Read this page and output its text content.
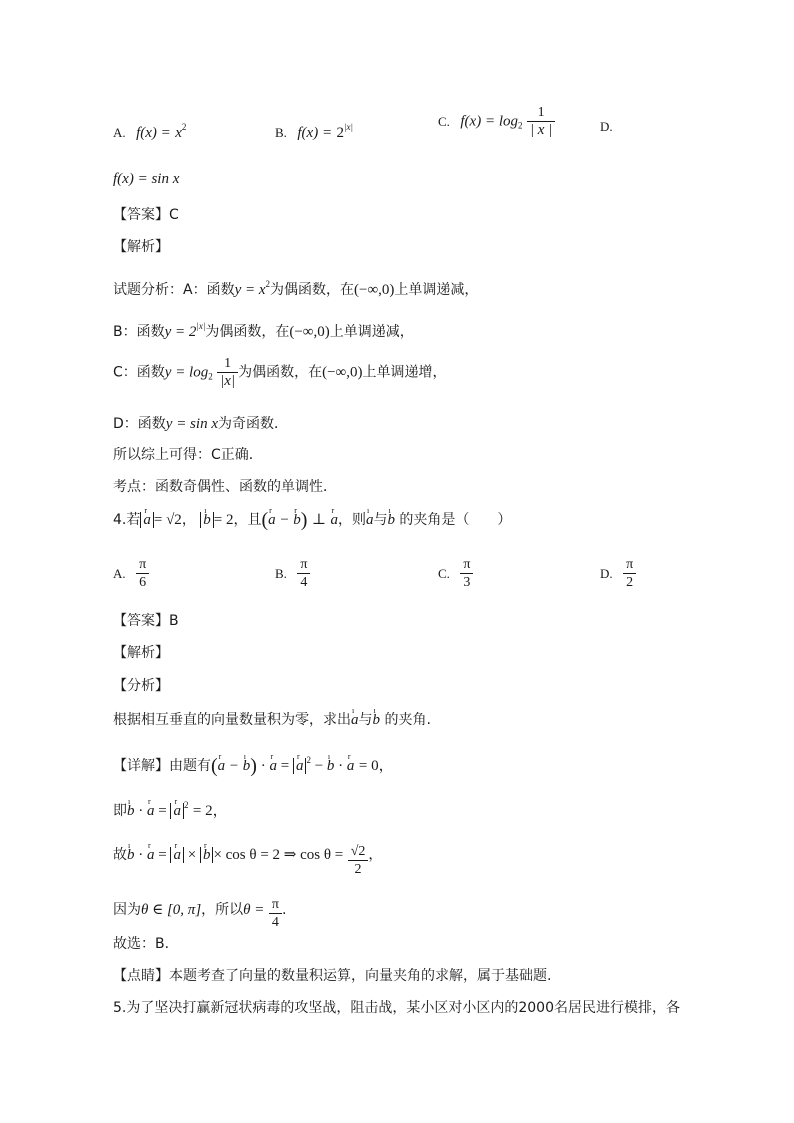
A. $f(x) = x^2$	B. $f(x) = 2^{|x|}$	C. $f(x) = \log_2 \frac{1}{| x |}$	D.
f(x) = sin x
【答案】C
【解析】
试题分析：A：函数$y = x^2$为偶函数，在(−∞,0)上单调递减，
B：函数$y = 2^{|x|}$为偶函数，在(−∞,0)上单调递减，
C：函数$y = \log_2 \frac{1}{|x|}$ 为偶函数，在(−∞,0)上单调递增，
D：函数y = sin x为奇函数．
所以综上可得：C正确．
考点：函数奇偶性、函数的单调性．
4.若 r a = √2， ı b = 2，且(r a − r b) ⊥ r a，则ı a与ı b 的夹角是（　　）
A. $\frac{\pi}{6}$	B. $\frac{\pi}{4}$	C. $\frac{\pi}{3}$	D. $\frac{\pi}{2}$
【答案】B
【解析】
【分析】
根据相互垂直的向量数量积为零，求出ı a与ı b 的夹角.
【详解】由题有(r a − ı b) · r a = r a $^2$ − ı b · r a = 0，
即ı b · r a = r a $^2$ = 2，
故ı b · r a = r a × r b × cos θ = 2 ⇒ $\cos \theta = \frac{√2}{2}$ ，
因为θ ∈ [0, π]，所以$\theta = \frac{\pi}{4}$ .
故选：B.
【点睛】本题考查了向量的数量积运算，向量夹角的求解，属于基础题.
5.为了坚决打赢新冠状病毒的攻坚战，阻击战，某小区对小区内的2000名居民进行模排，各
